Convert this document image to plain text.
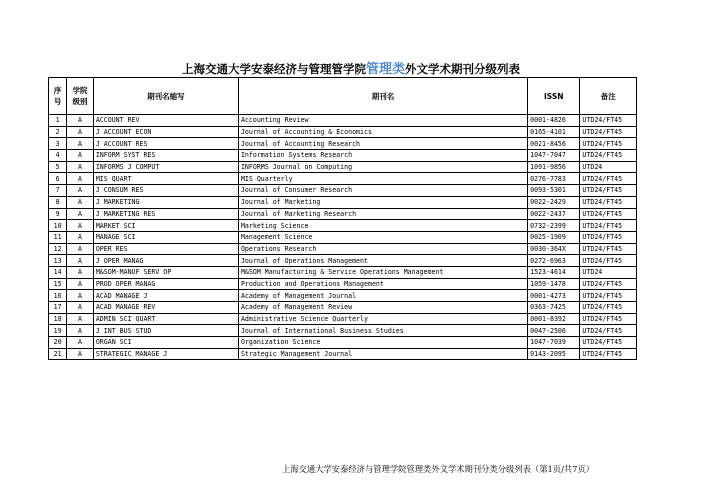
上海交通大学安泰经济与管理管学院管理类外文学术期刊分级列表
序号	学院级别	期刊名缩写	期刊名	ISSN	备注
1	A	ACCOUNT REV	Accounting Review	0001-4826	UTD24/FT45
2	A	J ACCOUNT ECON	Journal of Accounting & Economics	0165-4101	UTD24/FT45
3	A	J ACCOUNT RES	Journal of Accounting Research	0021-8456	UTD24/FT45
4	A	INFORM SYST RES	Information Systems Research	1047-7047	UTD24/FT45
5	A	INFORMS J COMPUT	INFORMS Journal on Computing	1091-9856	UTD24
6	A	MIS QUART	MIS Quarterly	0276-7783	UTD24/FT45
7	A	J CONSUM RES	Journal of Consumer Research	0093-5301	UTD24/FT45
8	A	J MARKETING	Journal of Marketing	0022-2429	UTD24/FT45
9	A	J MARKETING RES	Journal of Marketing Research	0022-2437	UTD24/FT45
10	A	MARKET SCI	Marketing Science	0732-2399	UTD24/FT45
11	A	MANAGE SCI	Management Science	0025-1909	UTD24/FT45
12	A	OPER RES	Operations Research	0030-364X	UTD24/FT45
13	A	J OPER MANAG	Journal of Operations Management	0272-6963	UTD24/FT45
14	A	M&SOM-MANUF SERV OP	M&SOM Manufacturing & Service Operations Management	1523-4614	UTD24
15	A	PROD OPER MANAG	Production and Operations Management	1059-1478	UTD24/FT45
16	A	ACAD MANAGE J	Academy of Management Journal	0001-4273	UTD24/FT45
17	A	ACAD MANAGE REV	Academy of Management Review	0363-7425	UTD24/FT45
18	A	ADMIN SCI QUART	Administrative Science Quarterly	0001-8392	UTD24/FT45
19	A	J INT BUS STUD	Journal of International Business Studies	0047-2506	UTD24/FT45
20	A	ORGAN SCI	Organization Science	1047-7039	UTD24/FT45
21	A	STRATEGIC MANAGE J	Strategic Management Journal	0143-2095	UTD24/FT45
上海交通大学安泰经济与管理学院管理类外文学术期刊分类分级列表（第1页/共7页）
